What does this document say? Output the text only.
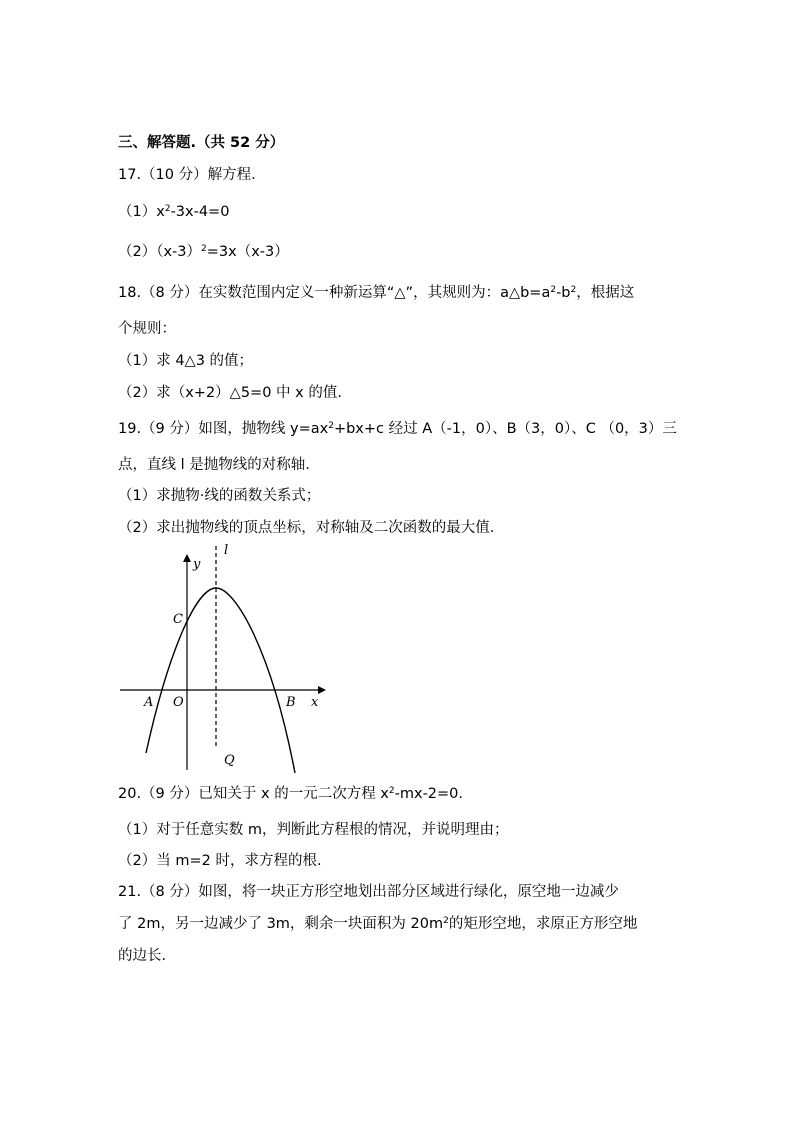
三、解答题.（共 52 分）
17.（10 分）解方程.
$(1)x^2-3x-4=0$
$(2)(x-3)^2=3x(x-3)$
18.（8 分）在实数范围内定义一种新运算“△”，其规则为：$a\triangle b=a^2-b^2$，根据这
个规则：
（1）求 4△3 的值；
（2）求（x+2）△5=0 中 x 的值.
19.（9 分）如图，抛物线 $y=ax^2+bx+c$ 经过 A（-1，0）、B（3，0）、C （0，3）三
点，直线 l 是抛物线的对称轴.
（1）求抛物·线的函数关系式；
（2）求出抛物线的顶点坐标，对称轴及二次函数的最大值.
y
l
C
A O	B x
Q
20.（9 分）已知关于 x 的一元二次方程 $x^2-mx-2=0$.
（1）对于任意实数 m，判断此方程根的情况，并说明理由；
（2）当 m=2 时，求方程的根.
21.（8 分）如图，将一块正方形空地划出部分区域进行绿化，原空地一边减少
了 2m，另一边减少了 3m，剩余一块面积为 $20m^2$的矩形空地，求原正方形空地
的边长.
